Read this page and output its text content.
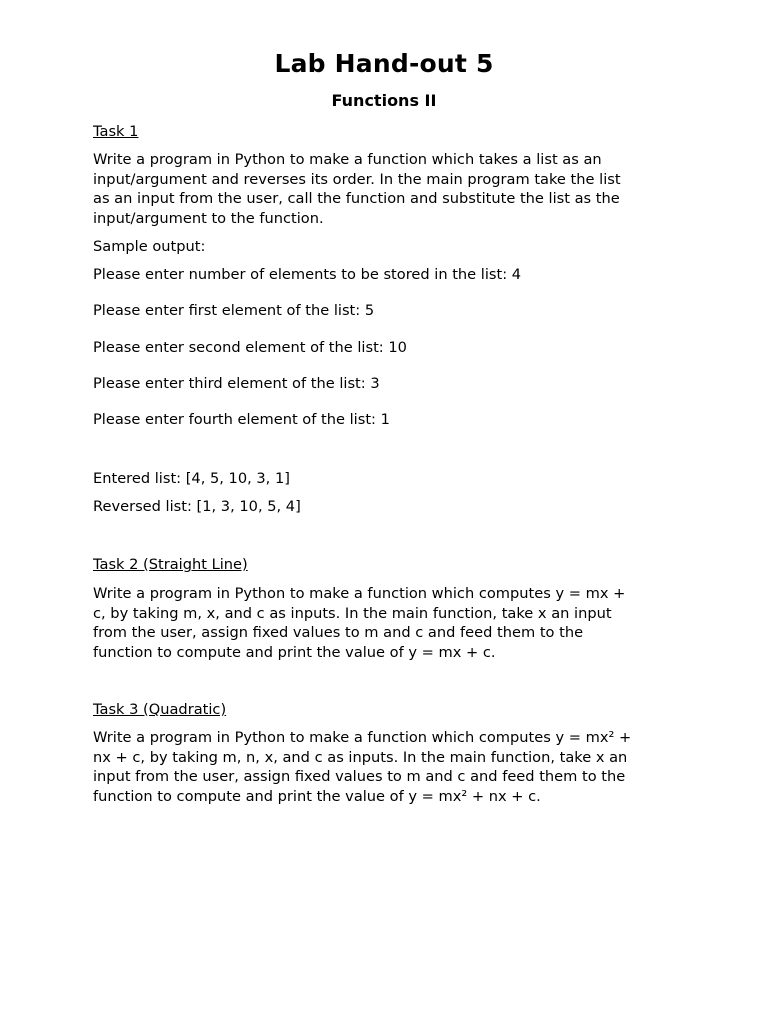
Lab Hand-out 5
Functions II
Task 1
Write a program in Python to make a function which takes a list as an
input/argument and reverses its order. In the main program take the list
as an input from the user, call the function and substitute the list as the
input/argument to the function.
Sample output:
Please enter number of elements to be stored in the list: 4
Please enter first element of the list: 5
Please enter second element of the list: 10
Please enter third element of the list: 3
Please enter fourth element of the list: 1
Entered list: [4, 5, 10, 3, 1]
Reversed list: [1, 3, 10, 5, 4]
Task 2 (Straight Line)
Write a program in Python to make a function which computes y = mx +
c, by taking m, x, and c as inputs. In the main function, take x an input
from the user, assign fixed values to m and c and feed them to the
function to compute and print the value of y = mx + c.
Task 3 (Quadratic)
Write a program in Python to make a function which computes y = mx² +
nx + c, by taking m, n, x, and c as inputs. In the main function, take x an
input from the user, assign fixed values to m and c and feed them to the
function to compute and print the value of y = mx² + nx + c.
